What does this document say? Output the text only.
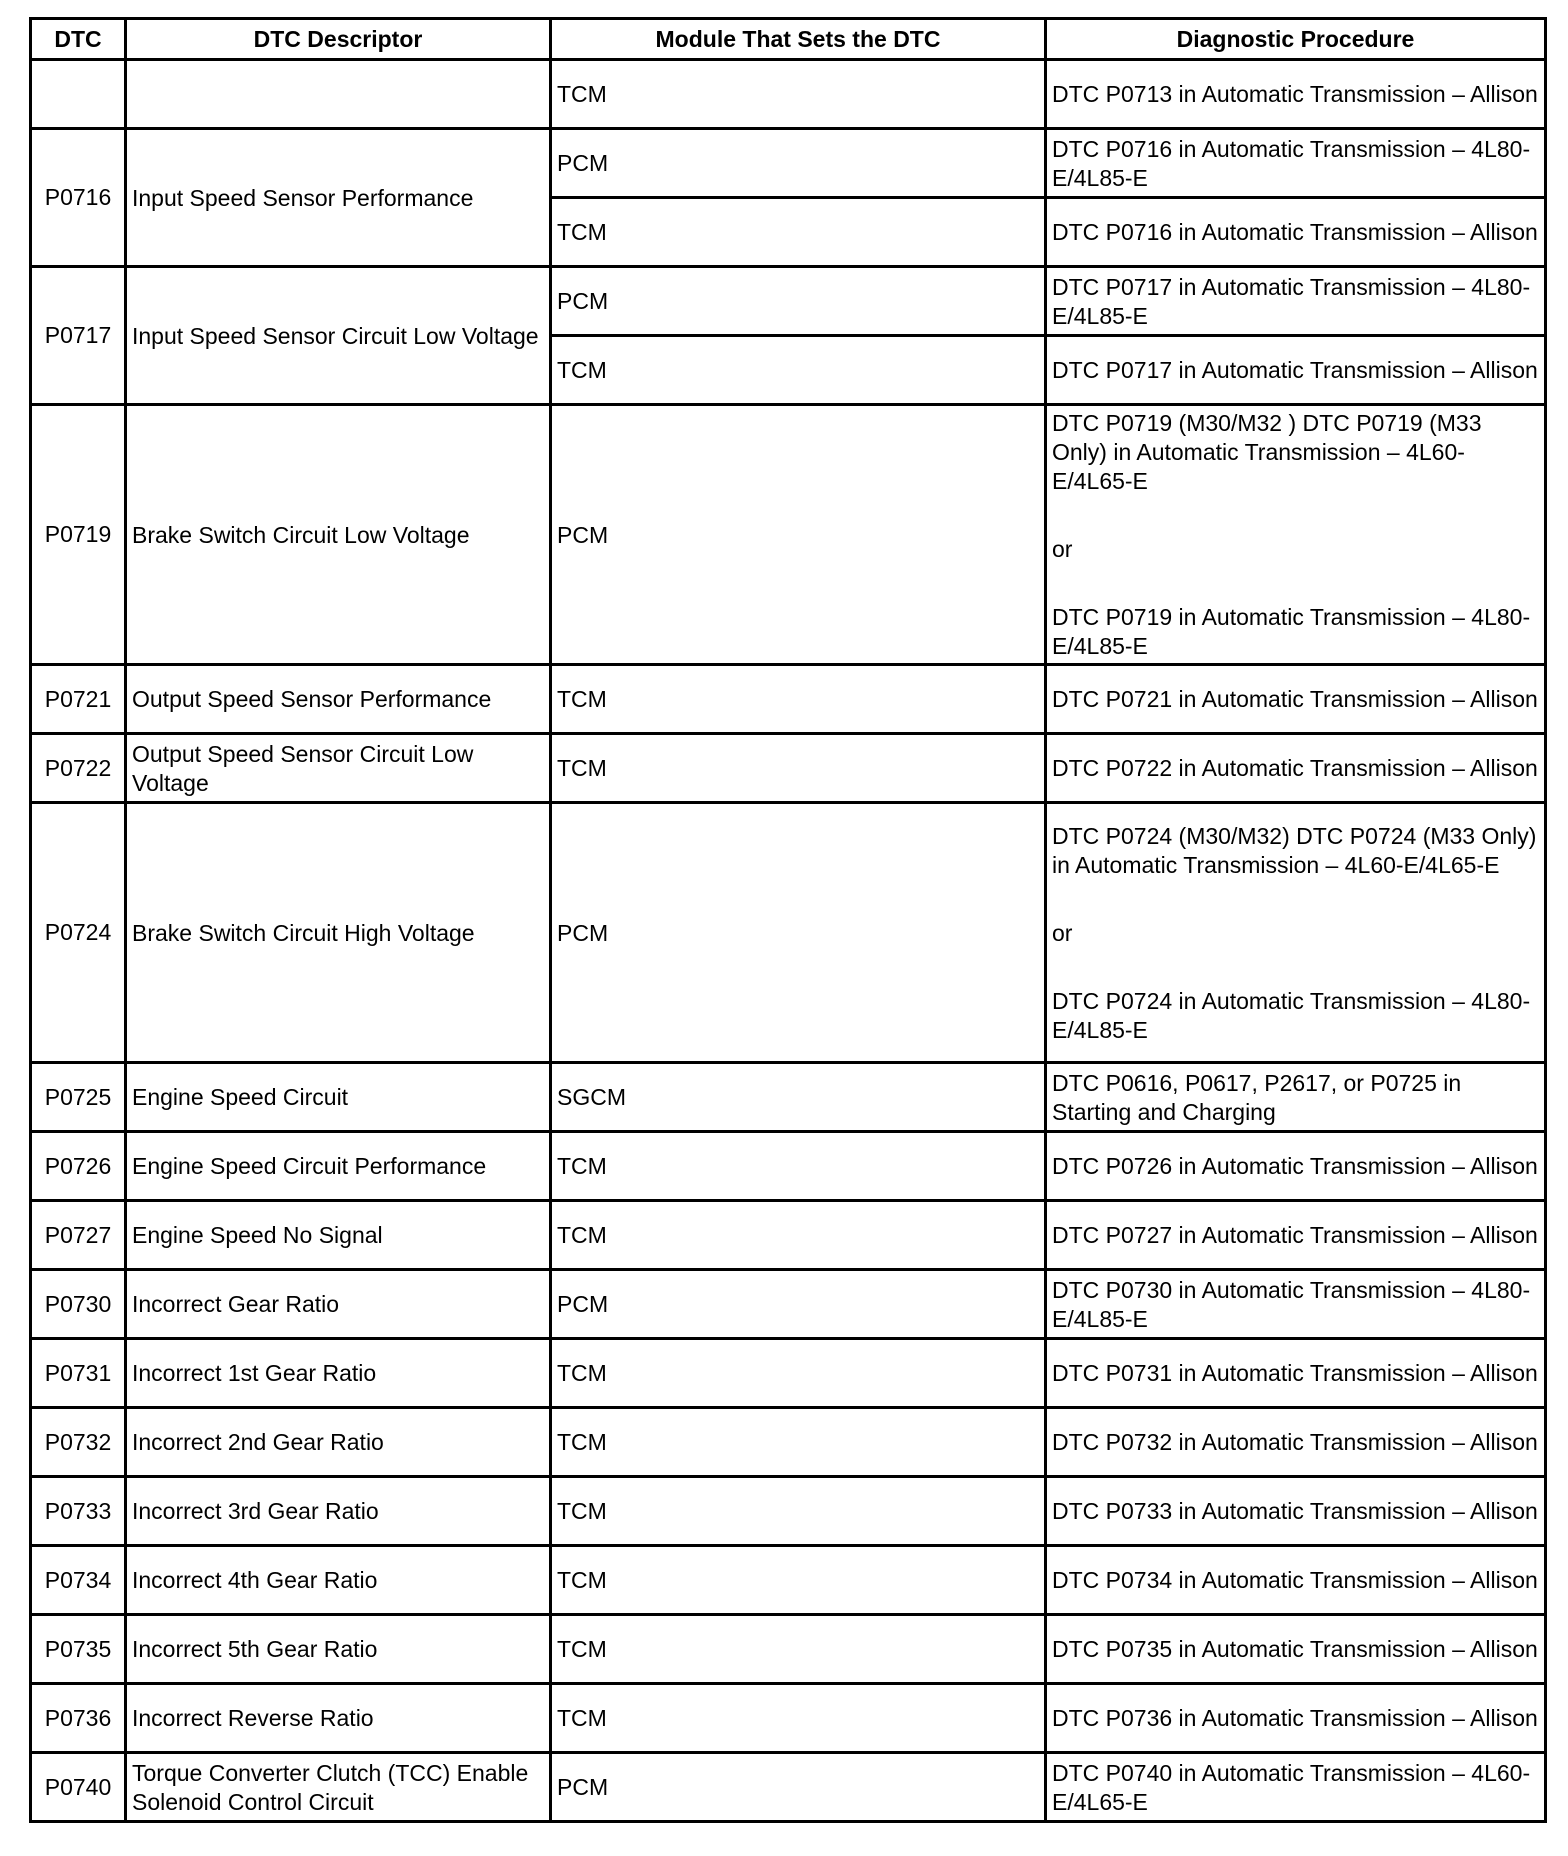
DTC	DTC Descriptor	Module That Sets the DTC	Diagnostic Procedure
		TCM	DTC P0713 in Automatic Transmission – Allison
P0716	Input Speed Sensor Performance	PCM	DTC P0716 in Automatic Transmission – 4L80-E/4L85-E
		TCM	DTC P0716 in Automatic Transmission – Allison
P0717	Input Speed Sensor Circuit Low Voltage	PCM	DTC P0717 in Automatic Transmission – 4L80-E/4L85-E
		TCM	DTC P0717 in Automatic Transmission – Allison
P0719	Brake Switch Circuit Low Voltage	PCM	DTC P0719 (M30/M32 ) DTC P0719 (M33 Only) in Automatic Transmission – 4L60-E/4L65-E
or
DTC P0719 in Automatic Transmission – 4L80-E/4L85-E

P0721	Output Speed Sensor Performance	TCM	DTC P0721 in Automatic Transmission – Allison
P0722	Output Speed Sensor Circuit Low Voltage	TCM	DTC P0722 in Automatic Transmission – Allison
P0724	Brake Switch Circuit High Voltage	PCM	DTC P0724 (M30/M32) DTC P0724 (M33 Only) in Automatic Transmission – 4L60-E/4L65-E
or
DTC P0724 in Automatic Transmission – 4L80-E/4L85-E

P0725	Engine Speed Circuit	SGCM	DTC P0616, P0617, P2617, or P0725 in Starting and Charging
P0726	Engine Speed Circuit Performance	TCM	DTC P0726 in Automatic Transmission – Allison
P0727	Engine Speed No Signal	TCM	DTC P0727 in Automatic Transmission – Allison
P0730	Incorrect Gear Ratio	PCM	DTC P0730 in Automatic Transmission – 4L80-E/4L85-E
P0731	Incorrect 1st Gear Ratio	TCM	DTC P0731 in Automatic Transmission – Allison
P0732	Incorrect 2nd Gear Ratio	TCM	DTC P0732 in Automatic Transmission – Allison
P0733	Incorrect 3rd Gear Ratio	TCM	DTC P0733 in Automatic Transmission – Allison
P0734	Incorrect 4th Gear Ratio	TCM	DTC P0734 in Automatic Transmission – Allison
P0735	Incorrect 5th Gear Ratio	TCM	DTC P0735 in Automatic Transmission – Allison
P0736	Incorrect Reverse Ratio	TCM	DTC P0736 in Automatic Transmission – Allison
P0740	Torque Converter Clutch (TCC) Enable Solenoid Control Circuit	PCM	DTC P0740 in Automatic Transmission – 4L60-E/4L65-E
